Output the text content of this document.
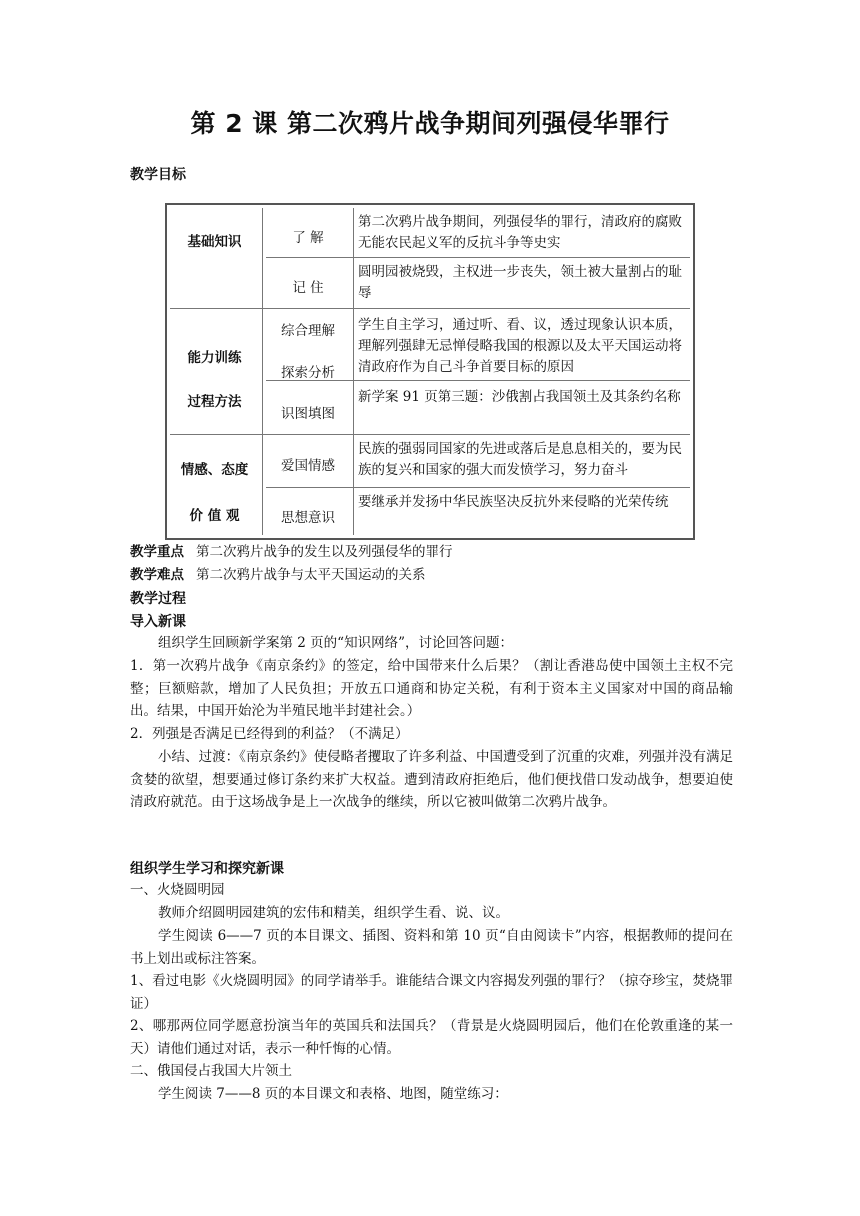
第 2 课 第二次鸦片战争期间列强侵华罪行
教学目标
基础知识
能力训练
过程方法
情感、态度
价 值 观
了 解
记 住
综合理解
探索分析
识图填图
爱国情感
思想意识
第二次鸦片战争期间，列强侵华的罪行，清政府的腐败无能农民起义军的反抗斗争等史实
圆明园被烧毁，主权进一步丧失，领土被大量割占的耻辱
学生自主学习，通过听、看、议，透过现象认识本质，理解列强肆无忌惮侵略我国的根源以及太平天国运动将清政府作为自己斗争首要目标的原因
新学案 91 页第三题：沙俄割占我国领土及其条约名称
民族的强弱同国家的先进或落后是息息相关的，要为民族的复兴和国家的强大而发愤学习，努力奋斗
要继承并发扬中华民族坚决反抗外来侵略的光荣传统
教学重点 第二次鸦片战争的发生以及列强侵华的罪行
教学难点 第二次鸦片战争与太平天国运动的关系
教学过程
导入新课
组织学生回顾新学案第 2 页的“知识网络”，讨论回答问题：
1．第一次鸦片战争《南京条约》的签定，给中国带来什么后果？（割让香港岛使中国领土主权不完整；巨额赔款，增加了人民负担；开放五口通商和协定关税，有利于资本主义国家对中国的商品输出。结果，中国开始沦为半殖民地半封建社会。）
2．列强是否满足已经得到的利益？（不满足）
小结、过渡：《南京条约》使侵略者攫取了许多利益、中国遭受到了沉重的灾难，列强并没有满足贪婪的欲望，想要通过修订条约来扩大权益。遭到清政府拒绝后，他们便找借口发动战争，想要迫使清政府就范。由于这场战争是上一次战争的继续，所以它被叫做第二次鸦片战争。
组织学生学习和探究新课
一、火烧圆明园
教师介绍圆明园建筑的宏伟和精美，组织学生看、说、议。
学生阅读 6——7 页的本目课文、插图、资料和第 10 页“自由阅读卡”内容，根据教师的提问在书上划出或标注答案。
1、看过电影《火烧圆明园》的同学请举手。谁能结合课文内容揭发列强的罪行？（掠夺珍宝，焚烧罪证）
2、哪那两位同学愿意扮演当年的英国兵和法国兵？（背景是火烧圆明园后，他们在伦敦重逢的某一天）请他们通过对话，表示一种忏悔的心情。
二、俄国侵占我国大片领土
学生阅读 7——8 页的本目课文和表格、地图，随堂练习：
